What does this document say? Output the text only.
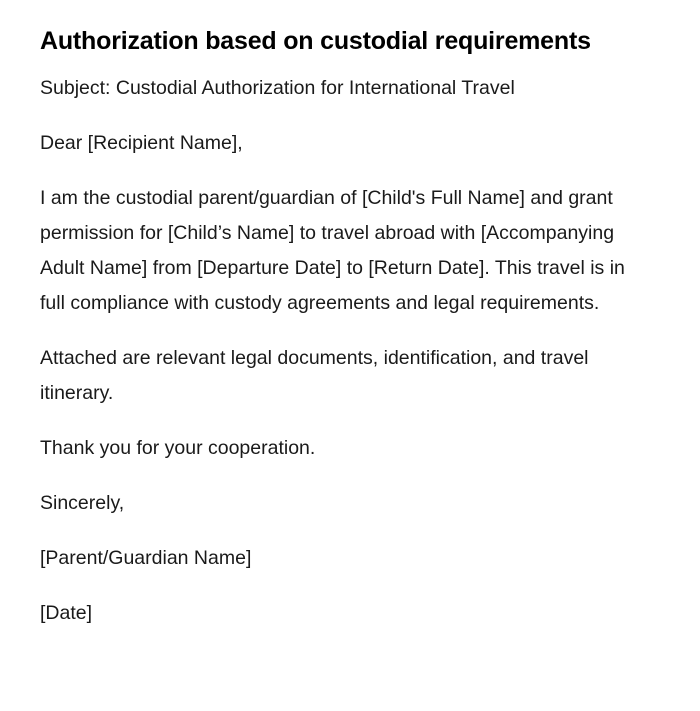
Authorization based on custodial requirements

Subject: Custodial Authorization for International Travel

Dear [Recipient Name],

I am the custodial parent/guardian of [Child's Full Name] and grant permission for [Child’s Name] to travel abroad with [Accompanying Adult Name] from [Departure Date] to [Return Date]. This travel is in full compliance with custody agreements and legal requirements.

Attached are relevant legal documents, identification, and travel itinerary.

Thank you for your cooperation.

Sincerely,

[Parent/Guardian Name]

[Date]
